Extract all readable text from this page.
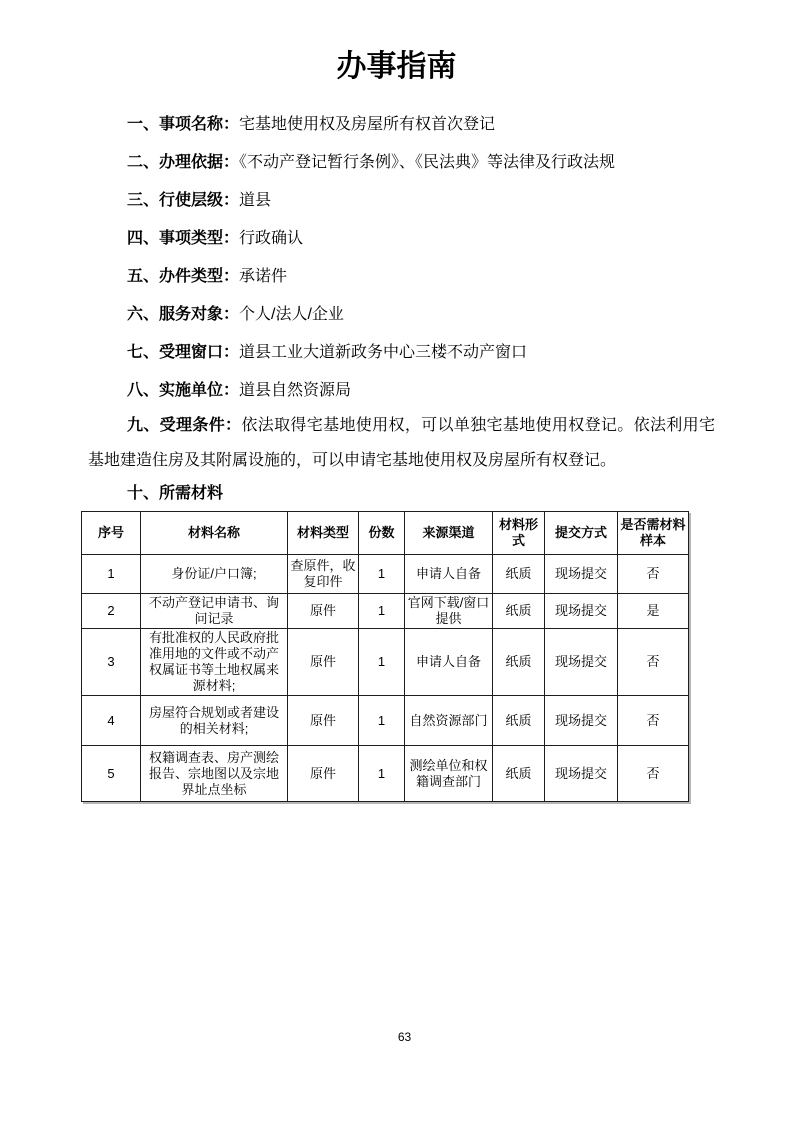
办事指南
一、事项名称：宅基地使用权及房屋所有权首次登记
二、办理依据：《不动产登记暂行条例》、《民法典》等法律及行政法规
三、行使层级：道县
四、事项类型：行政确认
五、办件类型：承诺件
六、服务对象：个人/法人/企业
七、受理窗口：道县工业大道新政务中心三楼不动产窗口
八、实施单位：道县自然资源局
九、受理条件：依法取得宅基地使用权，可以单独宅基地使用权登记。依法利用宅基地建造住房及其附属设施的，可以申请宅基地使用权及房屋所有权登记。
十、所需材料
序号	材料名称	材料类型	份数	来源渠道	材料形式	提交方式	是否需材料样本
1	身份证/户口簿;	查原件，收复印件	1	申请人自备	纸质	现场提交	否
2	不动产登记申请书、询问记录	原件	1	官网下载/窗口提供	纸质	现场提交	是
3	有批准权的人民政府批准用地的文件或不动产权属证书等土地权属来源材料;	原件	1	申请人自备	纸质	现场提交	否
4	房屋符合规划或者建设的相关材料;	原件	1	自然资源部门	纸质	现场提交	否
5	权籍调查表、房产测绘报告、宗地图以及宗地界址点坐标	原件	1	测绘单位和权籍调查部门	纸质	现场提交	否
63
